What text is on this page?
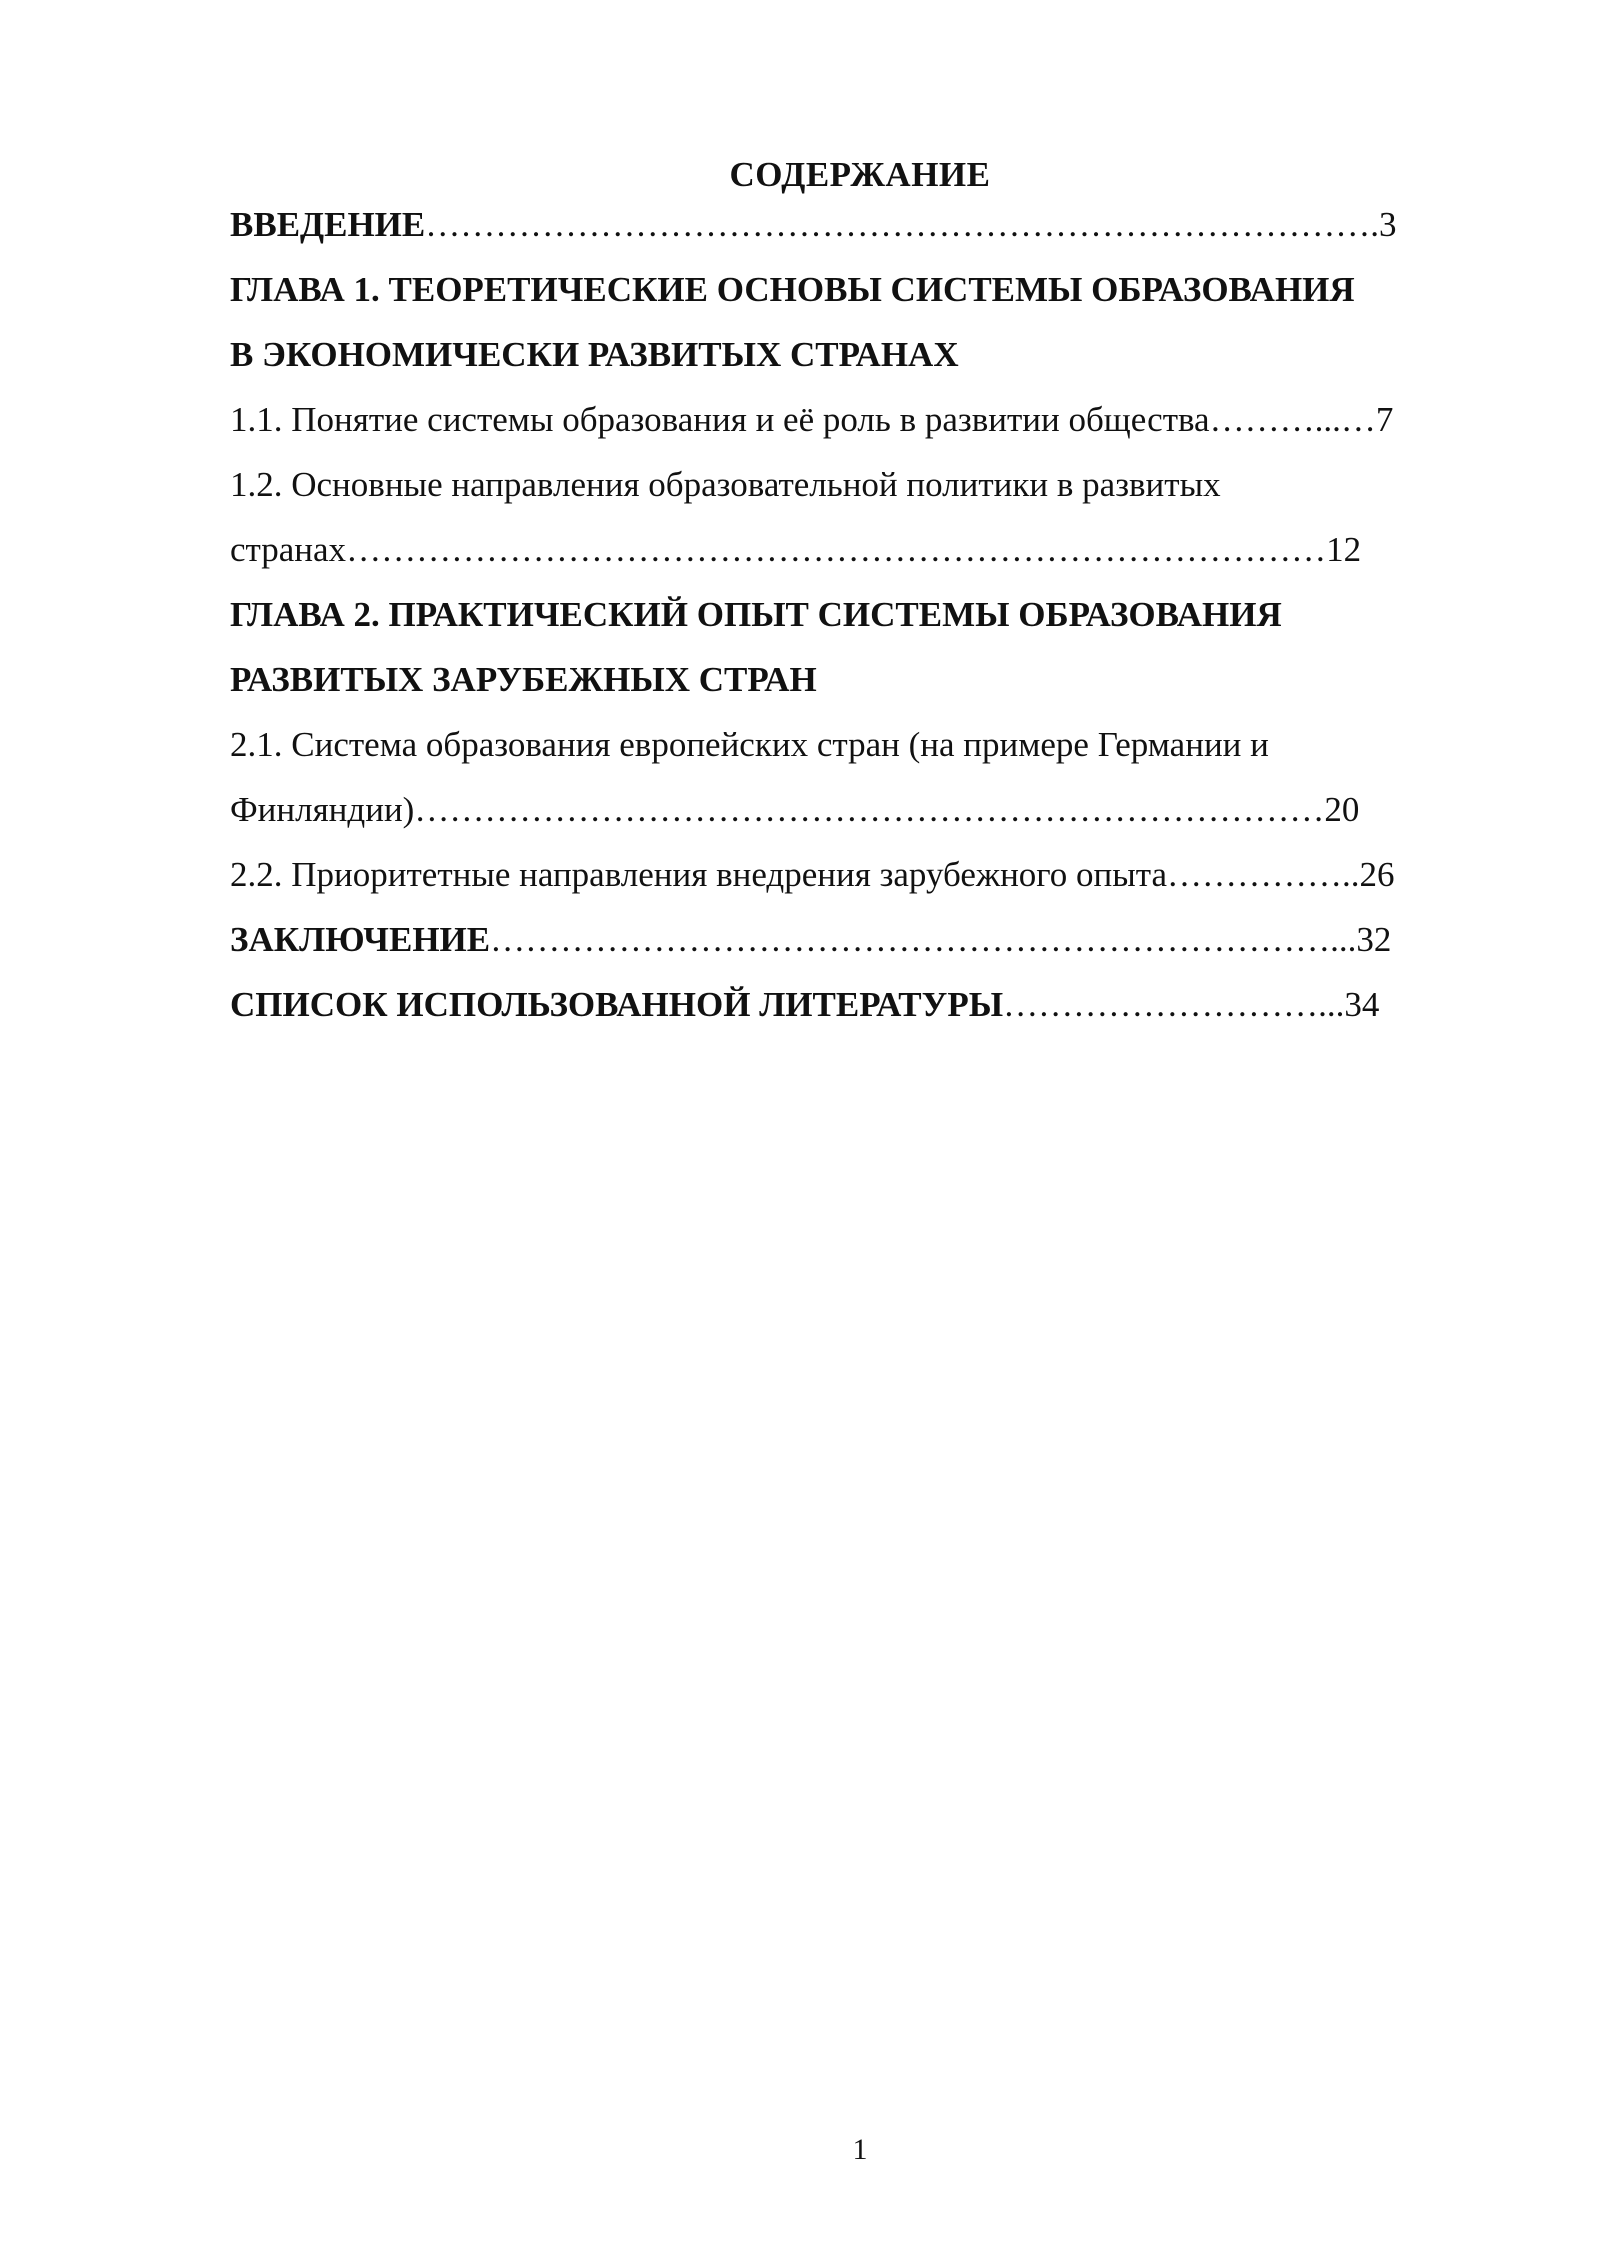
СОДЕРЖАНИЕ
ВВЕДЕНИЕ……………………………………………………………………….3
ГЛАВА 1. ТЕОРЕТИЧЕСКИЕ ОСНОВЫ СИСТЕМЫ ОБРАЗОВАНИЯ
В ЭКОНОМИЧЕСКИ РАЗВИТЫХ СТРАНАХ
1.1. Понятие системы образования и её роль в развитии общества………...…7
1.2. Основные направления образовательной политики в развитых
странах…………………………………………………………………………12
ГЛАВА 2. ПРАКТИЧЕСКИЙ ОПЫТ СИСТЕМЫ ОБРАЗОВАНИЯ
РАЗВИТЫХ ЗАРУБЕЖНЫХ СТРАН
2.1. Система образования европейских стран (на примере Германии и
Финляндии)……………………………………………………………………20
2.2. Приоритетные направления внедрения зарубежного опыта……………..26
ЗАКЛЮЧЕНИЕ………………………………………………………………...32
СПИСОК ИСПОЛЬЗОВАННОЙ ЛИТЕРАТУРЫ………………………...34
1
